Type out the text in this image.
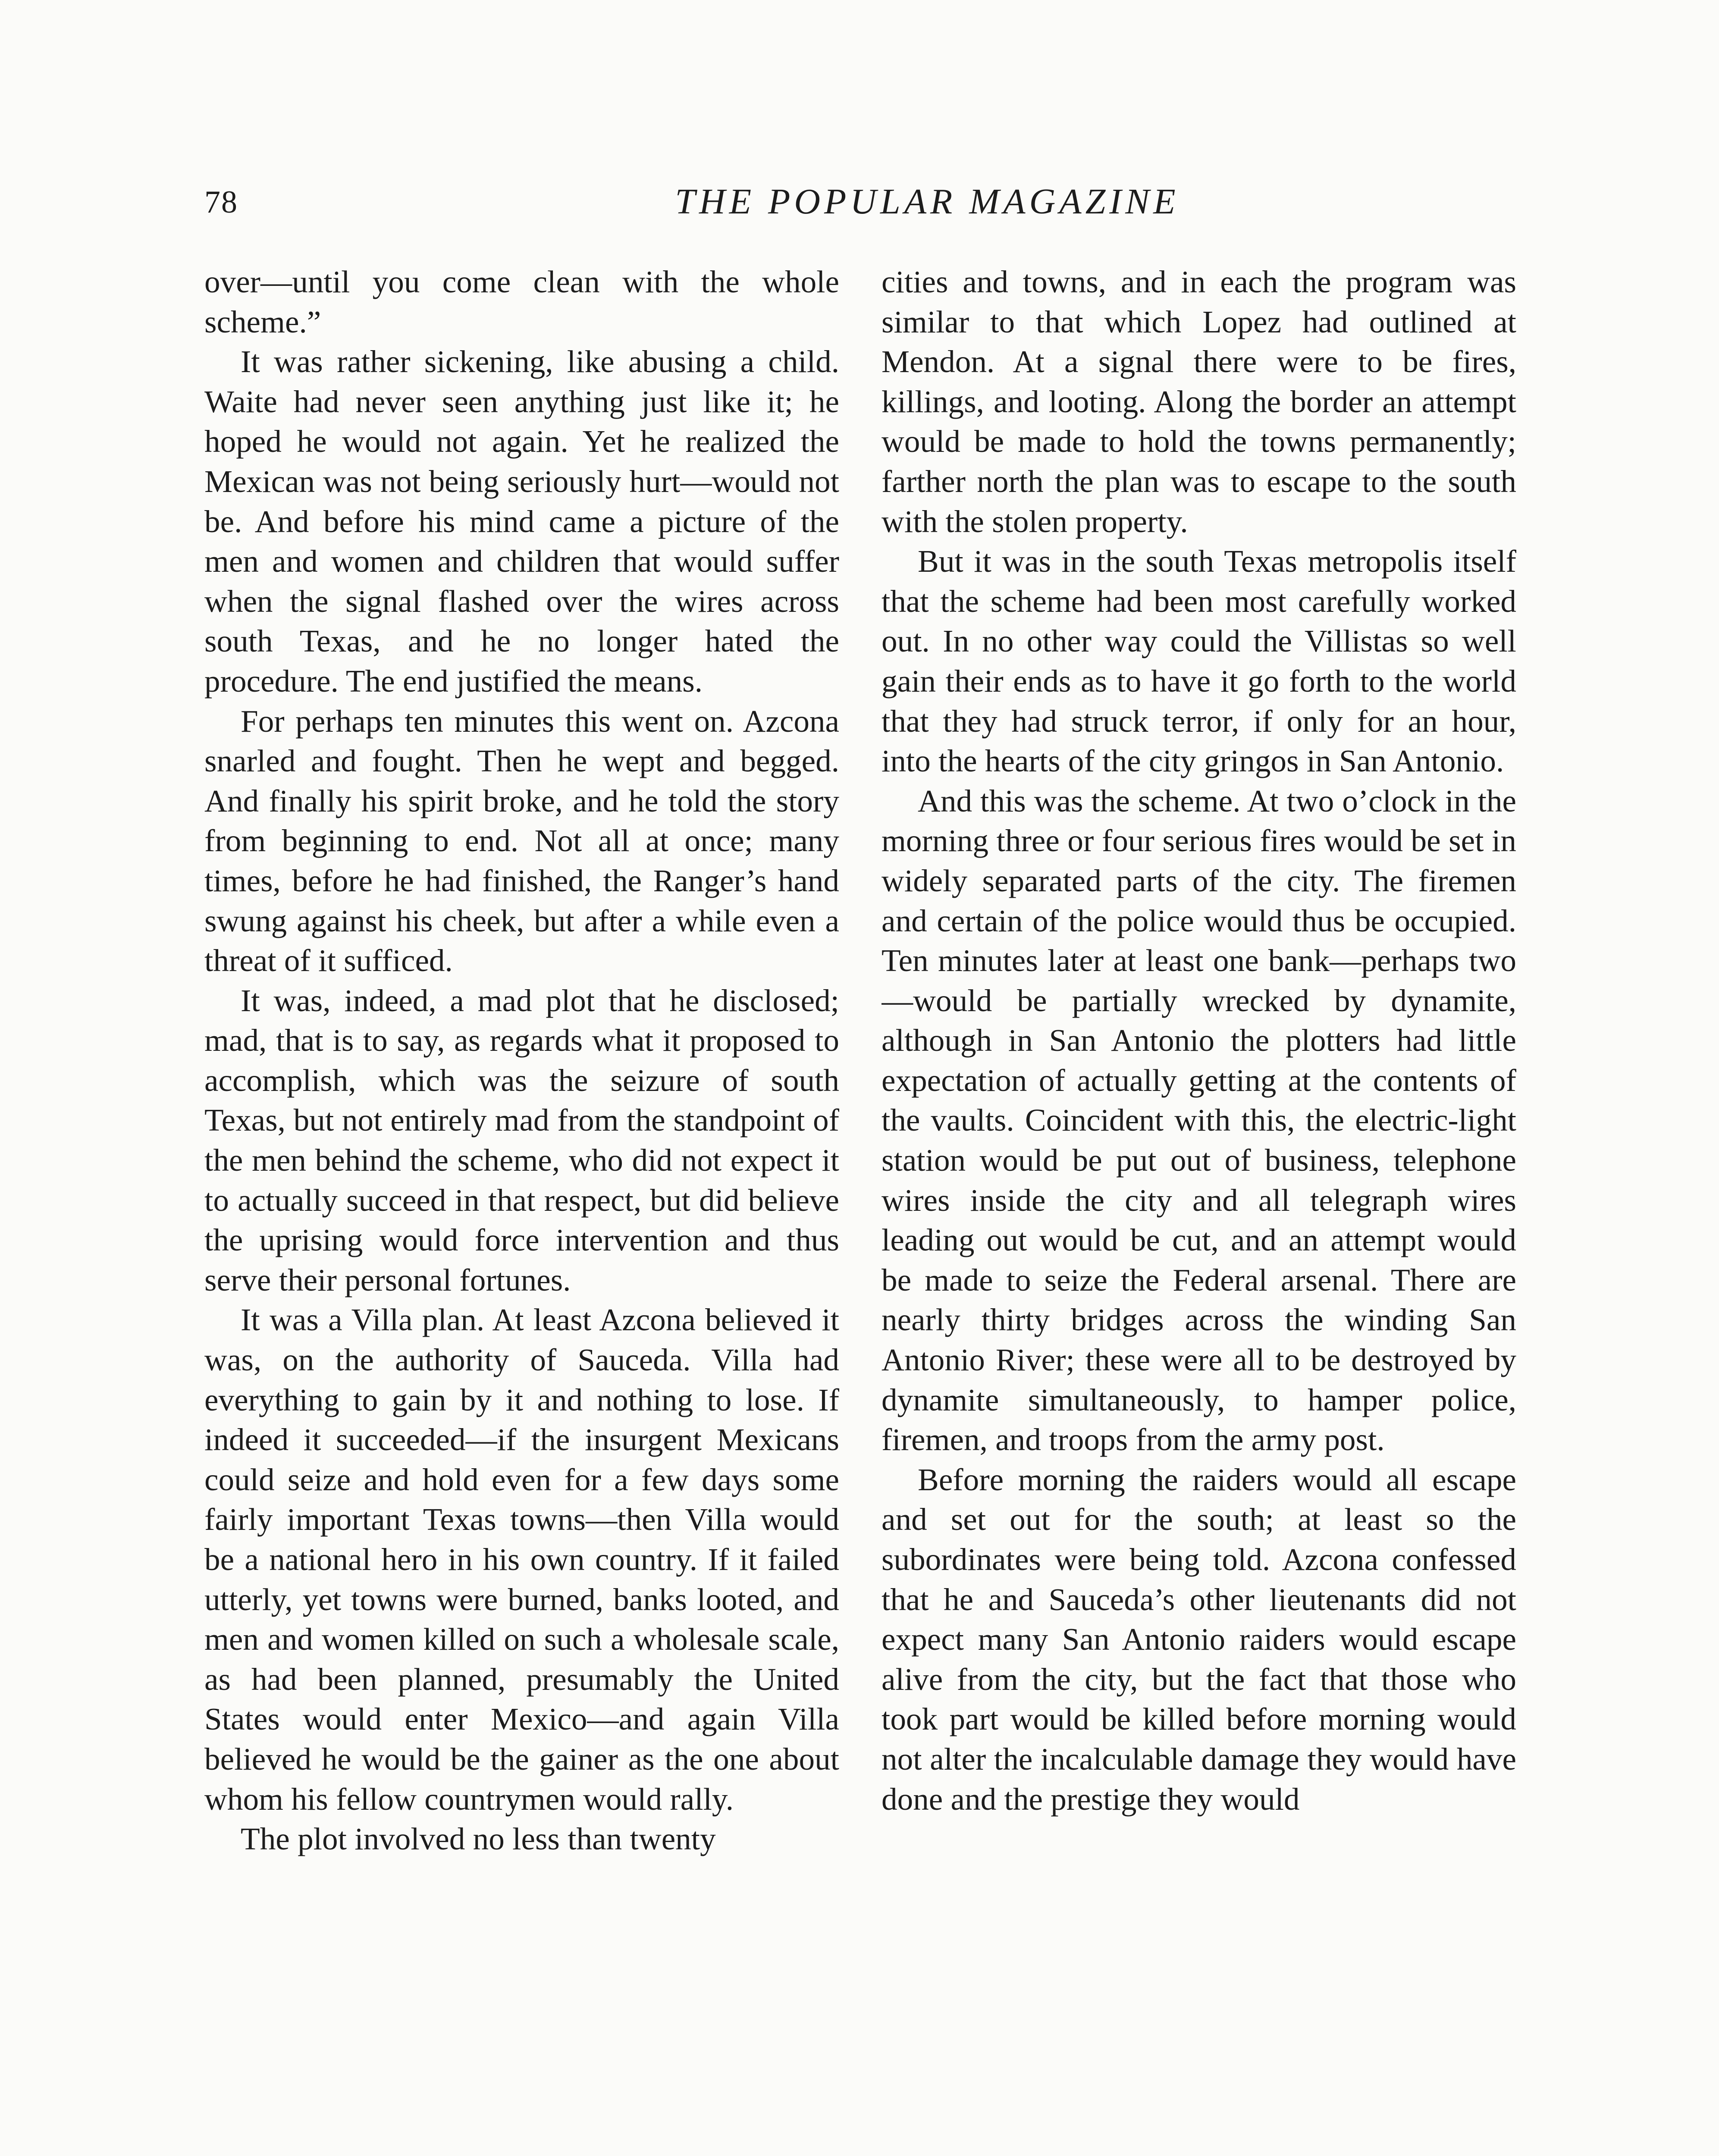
78	THE POPULAR MAGAZINE

over—until you come clean with the whole scheme.”

It was rather sickening, like abusing a child. Waite had never seen anything just like it; he hoped he would not again. Yet he realized the Mexican was not being seriously hurt—would not be. And before his mind came a picture of the men and women and children that would suffer when the signal flashed over the wires across south Texas, and he no longer hated the procedure. The end justified the means.

For perhaps ten minutes this went on. Azcona snarled and fought. Then he wept and begged. And finally his spirit broke, and he told the story from beginning to end. Not all at once; many times, before he had finished, the Ranger’s hand swung against his cheek, but after a while even a threat of it sufficed.

It was, indeed, a mad plot that he disclosed; mad, that is to say, as regards what it proposed to accomplish, which was the seizure of south Texas, but not entirely mad from the standpoint of the men behind the scheme, who did not expect it to actually succeed in that respect, but did believe the uprising would force intervention and thus serve their personal fortunes.

It was a Villa plan. At least Azcona believed it was, on the authority of Sauceda. Villa had everything to gain by it and nothing to lose. If indeed it succeeded—if the insurgent Mexicans could seize and hold even for a few days some fairly important Texas towns—then Villa would be a national hero in his own country. If it failed utterly, yet towns were burned, banks looted, and men and women killed on such a wholesale scale, as had been planned, presumably the United States would enter Mexico—and again Villa believed he would be the gainer as the one about whom his fellow countrymen would rally.

The plot involved no less than twenty

cities and towns, and in each the program was similar to that which Lopez had outlined at Mendon. At a signal there were to be fires, killings, and looting. Along the border an attempt would be made to hold the towns permanently; farther north the plan was to escape to the south with the stolen property.

But it was in the south Texas metropolis itself that the scheme had been most carefully worked out. In no other way could the Villistas so well gain their ends as to have it go forth to the world that they had struck terror, if only for an hour, into the hearts of the city gringos in San Antonio.

And this was the scheme. At two o’clock in the morning three or four serious fires would be set in widely separated parts of the city. The firemen and certain of the police would thus be occupied. Ten minutes later at least one bank—perhaps two—would be partially wrecked by dynamite, although in San Antonio the plotters had little expectation of actually getting at the contents of the vaults. Coincident with this, the electric-light station would be put out of business, telephone wires inside the city and all telegraph wires leading out would be cut, and an attempt would be made to seize the Federal arsenal. There are nearly thirty bridges across the winding San Antonio River; these were all to be destroyed by dynamite simultaneously, to hamper police, firemen, and troops from the army post.

Before morning the raiders would all escape and set out for the south; at least so the subordinates were being told. Azcona confessed that he and Sauceda’s other lieutenants did not expect many San Antonio raiders would escape alive from the city, but the fact that those who took part would be killed before morning would not alter the incalculable damage they would have done and the prestige they would
